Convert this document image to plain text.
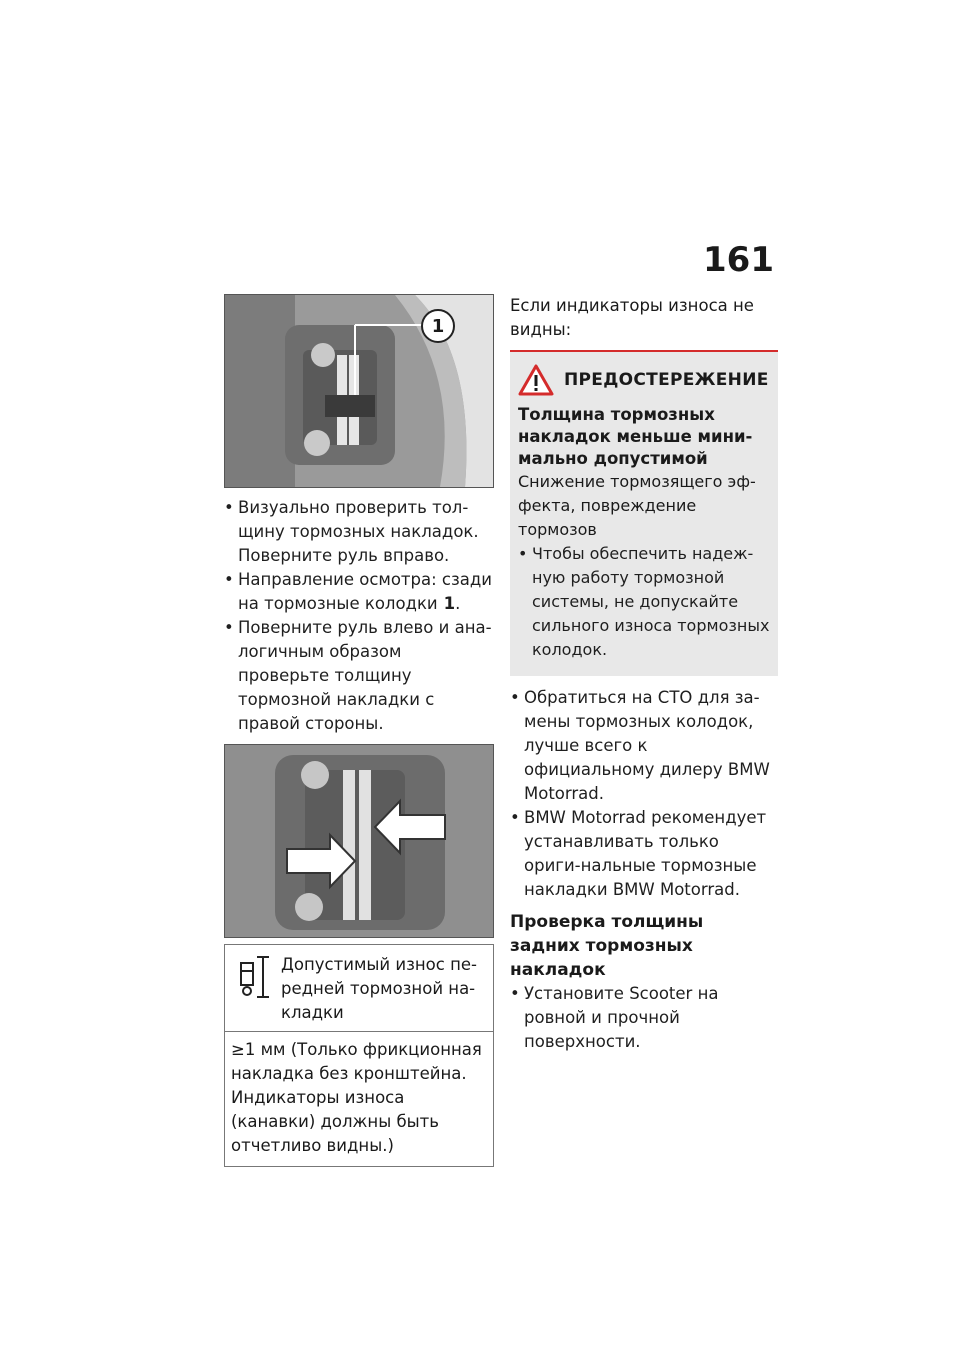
161
1
• Визуально проверить тол-щину тормозных накладок. Поверните руль вправо.
• Направление осмотра: сзади на тормозные колодки 1.
• Поверните руль влево и ана-логичным образом проверьте толщину тормозной накладки с правой стороны.
Допустимый износ пе-редней тормозной на-кладки
≥1 мм (Только фрикционная накладка без кронштейна. Индикаторы износа (канавки) должны быть отчетливо видны.)
Если индикаторы износа не видны:
ПРЕДОСТЕРЕЖЕНИЕ
Толщина тормозных накладок меньше мини-мально допустимой
Снижение тормозящего эф-фекта, повреждение тормозов
• Чтобы обеспечить надеж-ную работу тормозной системы, не допускайте сильного износа тормозных колодок.
• Обратиться на СТО для за-мены тормозных колодок, лучше всего к официальному дилеру BMW Motorrad.
• BMW Motorrad рекомендует устанавливать только ориги-нальные тормозные накладки BMW Motorrad.
Проверка толщины задних тормозных накладок
• Установите Scooter на ровной и прочной поверхности.
